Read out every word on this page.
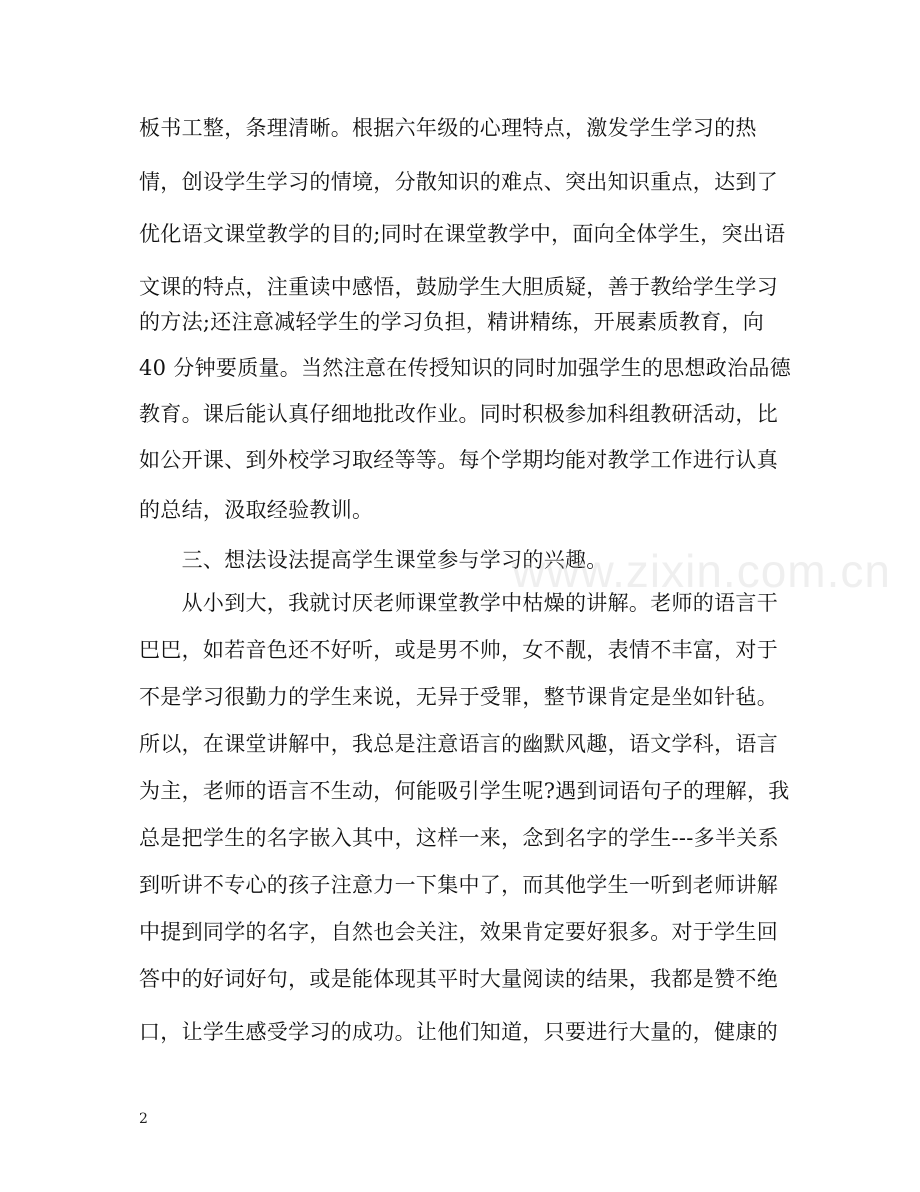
板书工整，条理清晰。根据六年级的心理特点，激发学生学习的热
情，创设学生学习的情境，分散知识的难点、突出知识重点，达到了
优化语文课堂教学的目的;同时在课堂教学中，面向全体学生，突出语
文课的特点，注重读中感悟，鼓励学生大胆质疑，善于教给学生学习
的方法;还注意减轻学生的学习负担，精讲精练，开展素质教育，向
40 分钟要质量。当然注意在传授知识的同时加强学生的思想政治品德
教育。课后能认真仔细地批改作业。同时积极参加科组教研活动，比
如公开课、到外校学习取经等等。每个学期均能对教学工作进行认真
的总结，汲取经验教训。
　　三、想法设法提高学生课堂参与学习的兴趣。
　　从小到大，我就讨厌老师课堂教学中枯燥的讲解。老师的语言干
巴巴，如若音色还不好听，或是男不帅，女不靓，表情不丰富，对于
不是学习很勤力的学生来说，无异于受罪，整节课肯定是坐如针毡。
所以，在课堂讲解中，我总是注意语言的幽默风趣，语文学科，语言
为主，老师的语言不生动，何能吸引学生呢?遇到词语句子的理解，我
总是把学生的名字嵌入其中，这样一来，念到名字的学生---多半关系
到听讲不专心的孩子注意力一下集中了，而其他学生一听到老师讲解
中提到同学的名字，自然也会关注，效果肯定要好狠多。对于学生回
答中的好词好句，或是能体现其平时大量阅读的结果，我都是赞不绝
口，让学生感受学习的成功。让他们知道，只要进行大量的，健康的
www.zixin.com.cn
2
